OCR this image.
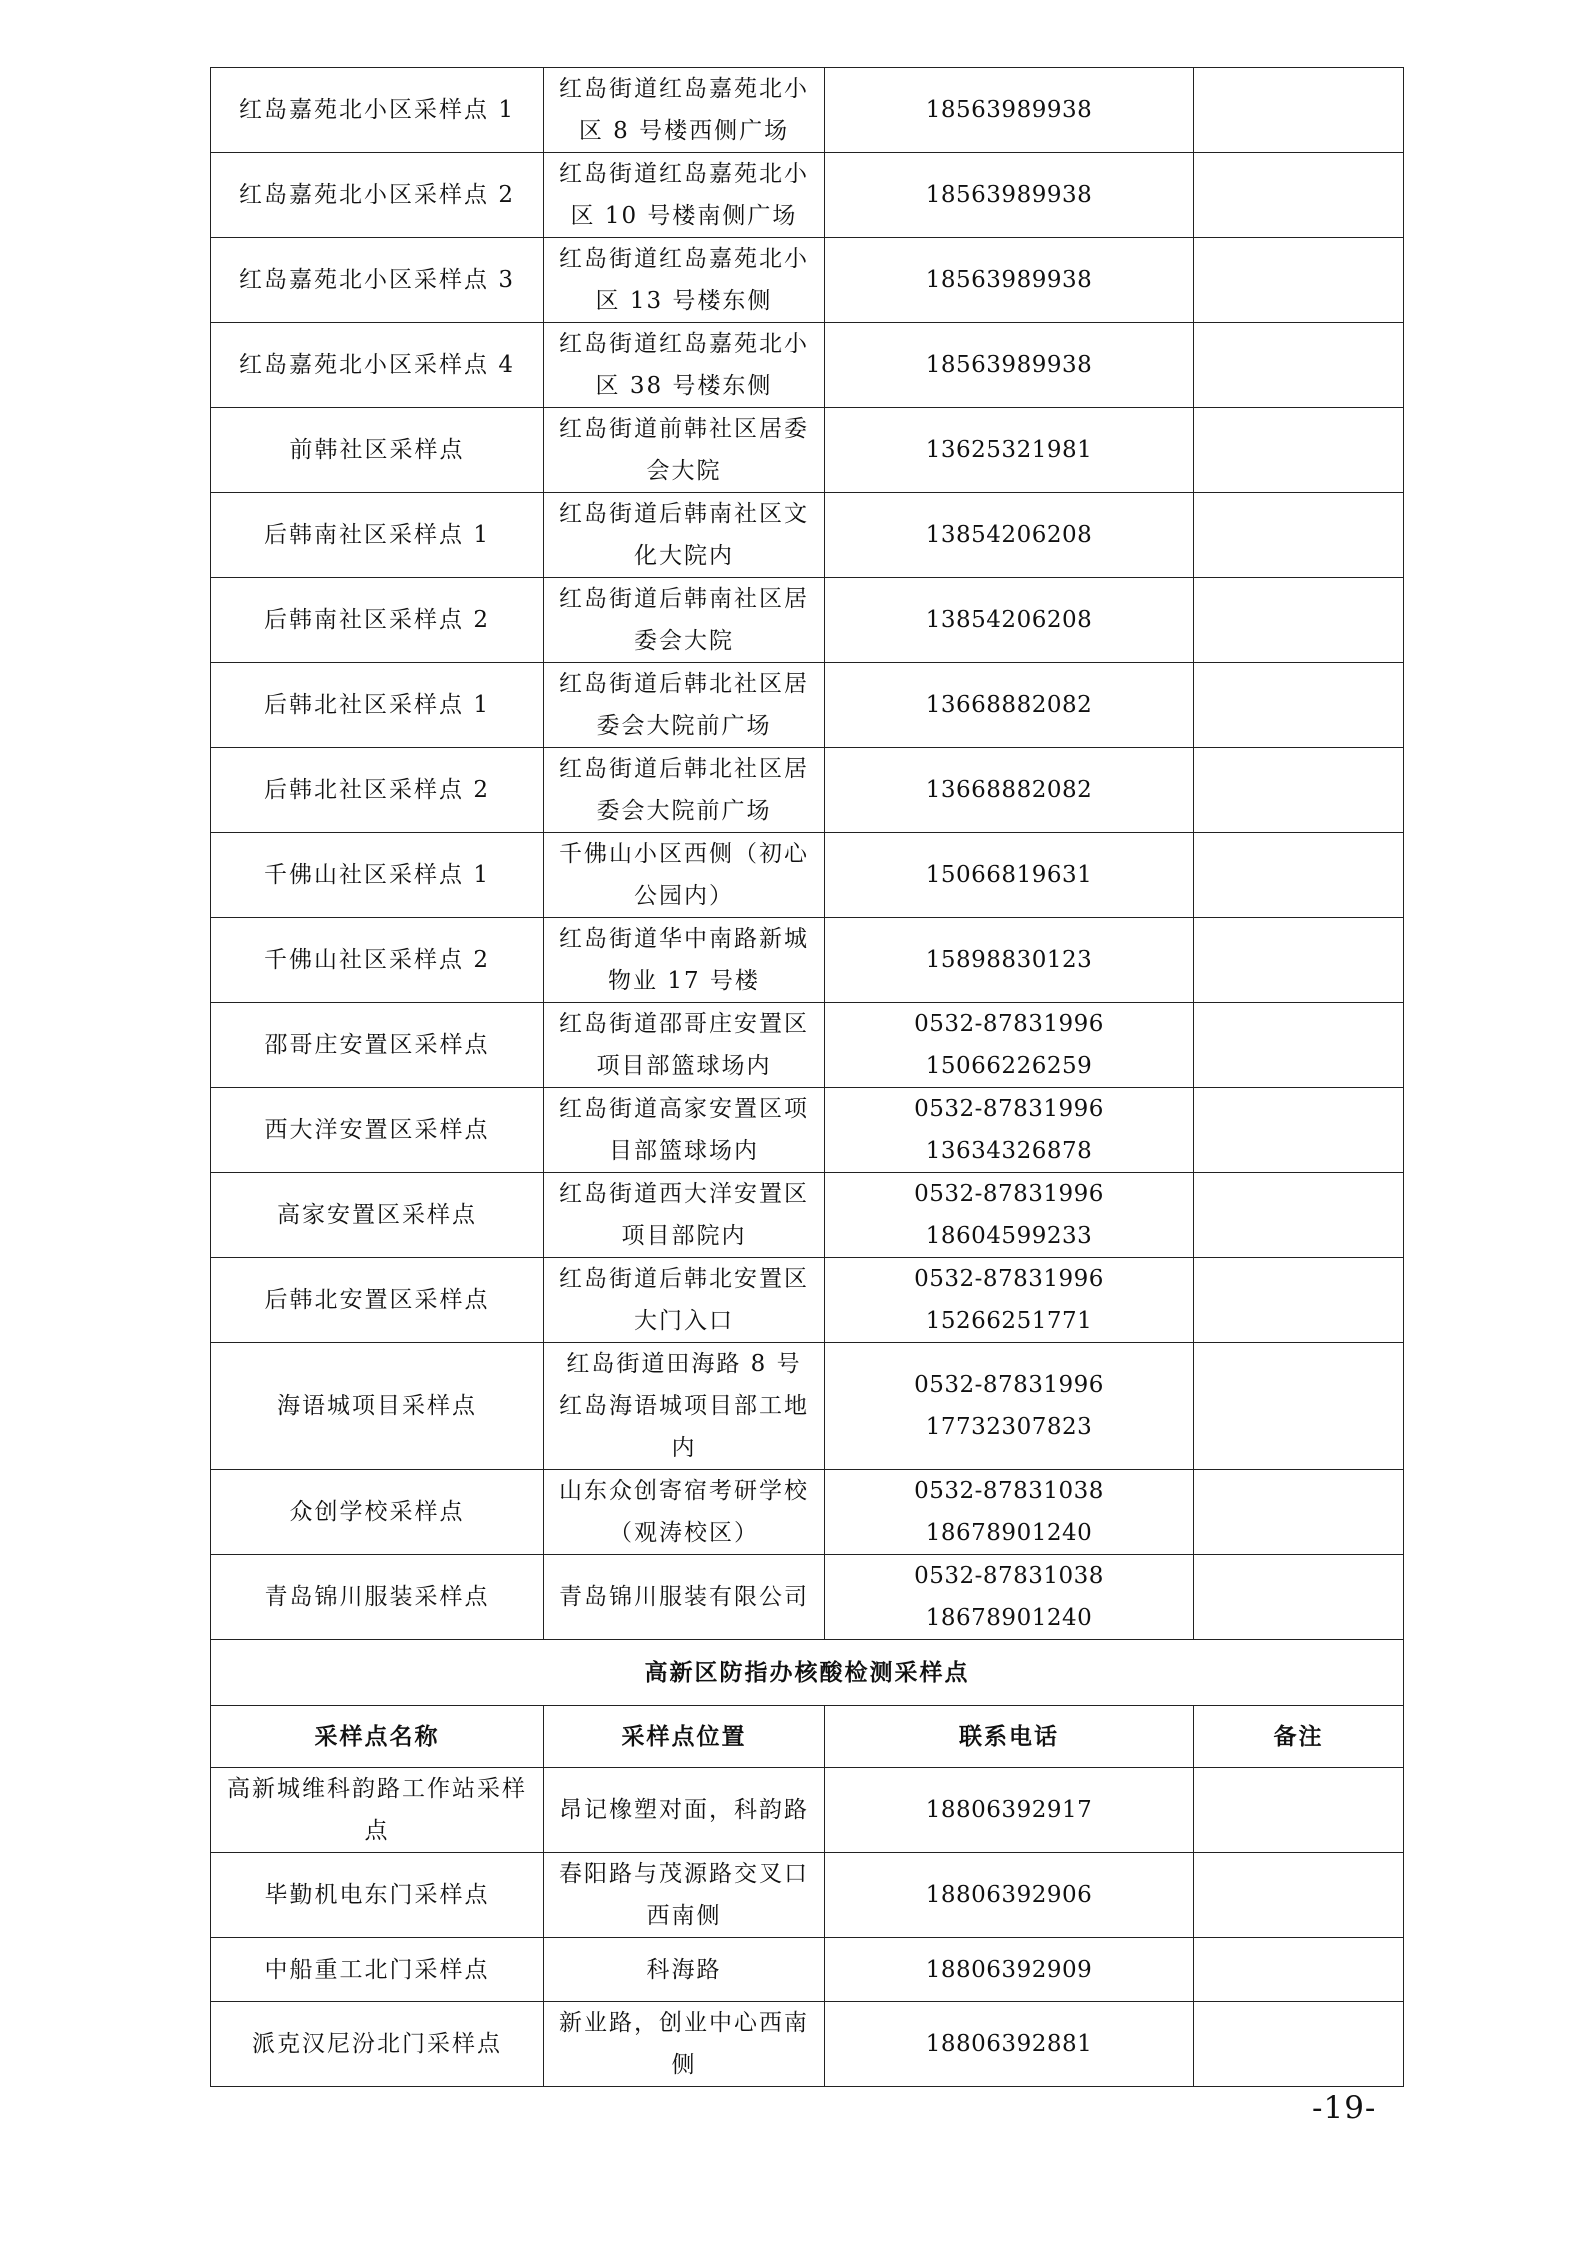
红岛嘉苑北小区采样点 1	红岛街道红岛嘉苑北小区 8 号楼西侧广场	18563989938	

红岛嘉苑北小区采样点 2	红岛街道红岛嘉苑北小区 10 号楼南侧广场	18563989938	

红岛嘉苑北小区采样点 3	红岛街道红岛嘉苑北小区 13 号楼东侧	18563989938	

红岛嘉苑北小区采样点 4	红岛街道红岛嘉苑北小区 38 号楼东侧	18563989938	

前韩社区采样点	红岛街道前韩社区居委会大院	13625321981	

后韩南社区采样点 1	红岛街道后韩南社区文化大院内	13854206208	

后韩南社区采样点 2	红岛街道后韩南社区居委会大院	13854206208	

后韩北社区采样点 1	红岛街道后韩北社区居委会大院前广场	13668882082	

后韩北社区采样点 2	红岛街道后韩北社区居委会大院前广场	13668882082	

千佛山社区采样点 1	千佛山小区西侧（初心公园内）	15066819631	

千佛山社区采样点 2	红岛街道华中南路新城物业 17 号楼	15898830123	

邵哥庄安置区采样点	红岛街道邵哥庄安置区项目部篮球场内	0532-87831996
15066226259	

西大洋安置区采样点	红岛街道高家安置区项目部篮球场内	0532-87831996
13634326878	

高家安置区采样点	红岛街道西大洋安置区项目部院内	0532-87831996
18604599233	

后韩北安置区采样点	红岛街道后韩北安置区大门入口	0532-87831996
15266251771	

海语城项目采样点	红岛街道田海路 8 号红岛海语城项目部工地内	0532-87831996
17732307823	

众创学校采样点	山东众创寄宿考研学校（观涛校区）	0532-87831038
18678901240	

青岛锦川服装采样点	青岛锦川服装有限公司	0532-87831038
18678901240	

高新区防指办核酸检测采样点			
采样点名称	采样点位置	联系电话	备注
高新城维科韵路工作站采样点	昂记橡塑对面，科韵路	18806392917	

毕勤机电东门采样点	春阳路与茂源路交叉口西南侧	18806392906	

中船重工北门采样点	科海路	18806392909	

派克汉尼汾北门采样点	新业路，创业中心西南侧	18806392881	

-19-
